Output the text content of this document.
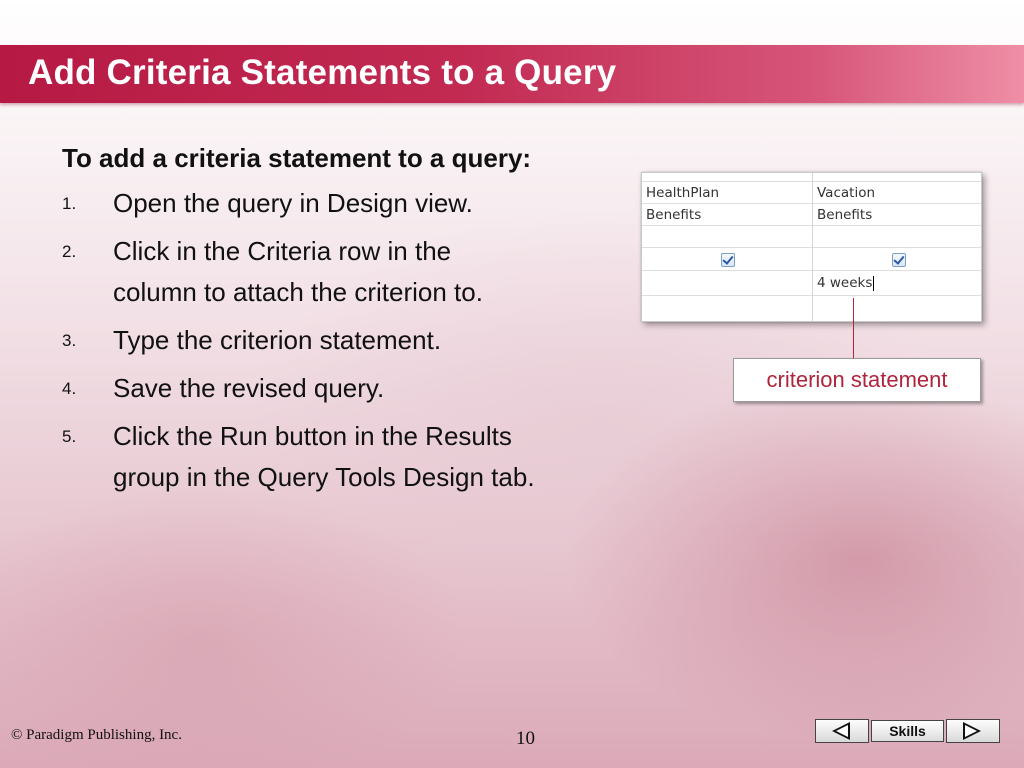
Add Criteria Statements to a Query

To add a criteria statement to a query:

1. Open the query in Design view.
2. Click in the Criteria row in the column to attach the criterion to.
3. Type the criterion statement.
4. Save the revised query.
5. Click the Run button in the Results group in the Query Tools Design tab.
HealthPlan
Benefits
Vacation
Benefits
4 weeks
criterion statement
© Paradigm Publishing, Inc.	10	Skills
